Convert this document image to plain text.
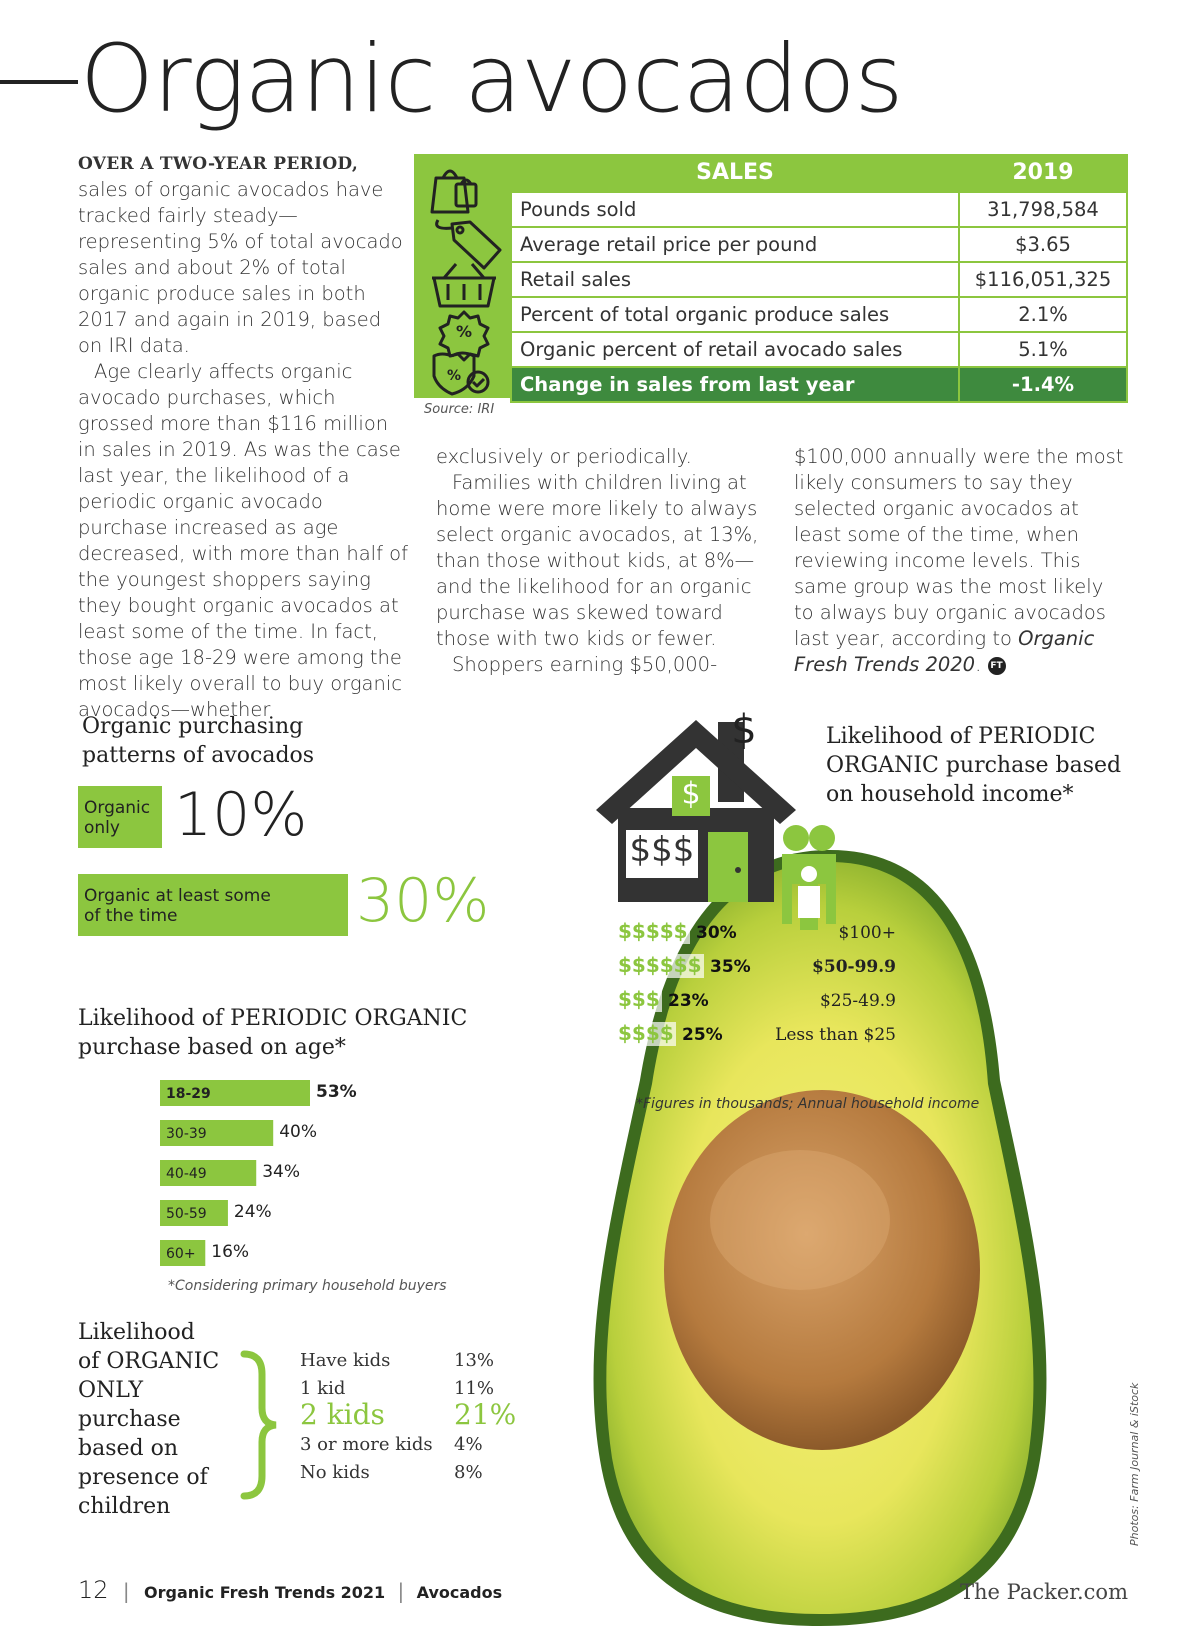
Organic avocados

OVER A TWO-YEAR PERIOD, sales of organic avocados have tracked fairly steady—representing 5% of total avocado sales and about 2% of total organic produce sales in both 2017 and again in 2019, based on IRI data.

Age clearly affects organic avocado purchases, which grossed more than $116 million in sales in 2019. As was the case last year, the likelihood of a periodic organic avocado purchase increased as age decreased, with more than half of the youngest shoppers saying they bought organic avocados at least some of the time. In fact, those age 18-29 were among the most likely overall to buy organic avocados—whether

exclusively or periodically.

Families with children living at home were more likely to always select organic avocados, at 13%, than those without kids, at 8%—and the likelihood for an organic purchase was skewed toward those with two kids or fewer.

Shoppers earning $50,000-

$100,000 annually were the most likely consumers to say they selected organic avocados at least some of the time, when reviewing income levels. This same group was the most likely to always buy organic avocados last year, according to Organic Fresh Trends 2020. FT

%
%
SALES	2019
Pounds sold	31,798,584
Average retail price per pound	$3.65
Retail sales	$116,051,325
Percent of total organic produce sales	2.1%
Organic percent of retail avocado sales	5.1%
Change in sales from last year	-1.4%
Source: IRI
Organic purchasing
patterns of avocados
Organic
only 10%
Organic at least some
of the time	30%
Likelihood of PERIODIC ORGANIC
purchase based on age*
18-29	53%
30-39	40%
40-49	34%
50-59 24%
60+ 16%
*Considering primary household buyers
Likelihood
of ORGANIC
ONLY
purchase
based on
presence of
children
Have kids	13%
1 kid	11%
2 kids 21%
3 or more kids 4%
No kids	8%
$
$
$$$
$$$$$ 30%	$100+
$$$$$$ 35%	$50-99.9
$$$ 23%	$25-49.9
$$$$ 25%	Less than $25
Likelihood of PERIODIC
ORGANIC purchase based
on household income*
*Figures in thousands; Annual household income
12 | Organic Fresh Trends 2021 | Avocados	The Packer.com
Photos: Farm Journal & iStock
